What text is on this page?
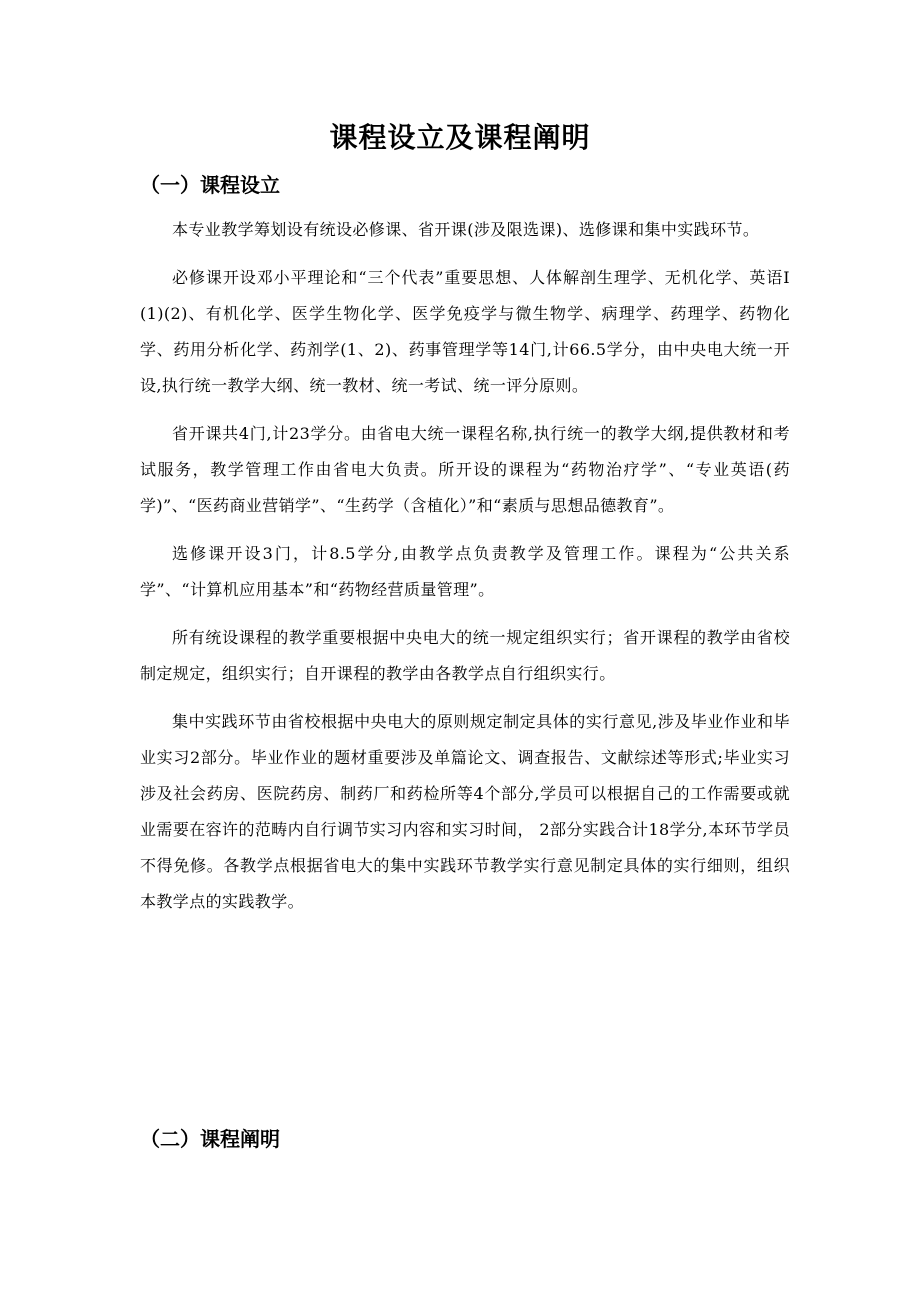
课程设立及课程阐明
（一）课程设立

本专业教学筹划设有统设必修课、省开课(涉及限选课)、选修课和集中实践环节。

必修课开设邓小平理论和“三个代表”重要思想、人体解剖生理学、无机化学、英语I(1)(2)、有机化学、医学生物化学、医学免疫学与微生物学、病理学、药理学、药物化学、药用分析化学、药剂学(1、2)、药事管理学等14门,计66.5学分，由中央电大统一开设,执行统一教学大纲、统一教材、统一考试、统一评分原则。

省开课共4门,计23学分。由省电大统一课程名称,执行统一的教学大纲,提供教材和考试服务，教学管理工作由省电大负责。所开设的课程为“药物治疗学”、“专业英语(药学)”、“医药商业营销学”、“生药学（含植化）”和“素质与思想品德教育”。

选修课开设3门，计8.5学分,由教学点负责教学及管理工作。课程为“公共关系学”、“计算机应用基本”和“药物经营质量管理”。

所有统设课程的教学重要根据中央电大的统一规定组织实行；省开课程的教学由省校制定规定，组织实行；自开课程的教学由各教学点自行组织实行。

集中实践环节由省校根据中央电大的原则规定制定具体的实行意见,涉及毕业作业和毕业实习2部分。毕业作业的题材重要涉及单篇论文、调查报告、文献综述等形式;毕业实习涉及社会药房、医院药房、制药厂和药检所等4个部分,学员可以根据自己的工作需要或就业需要在容许的范畴内自行调节实习内容和实习时间， 2部分实践合计18学分,本环节学员不得免修。各教学点根据省电大的集中实践环节教学实行意见制定具体的实行细则，组织本教学点的实践教学。

（二）课程阐明
